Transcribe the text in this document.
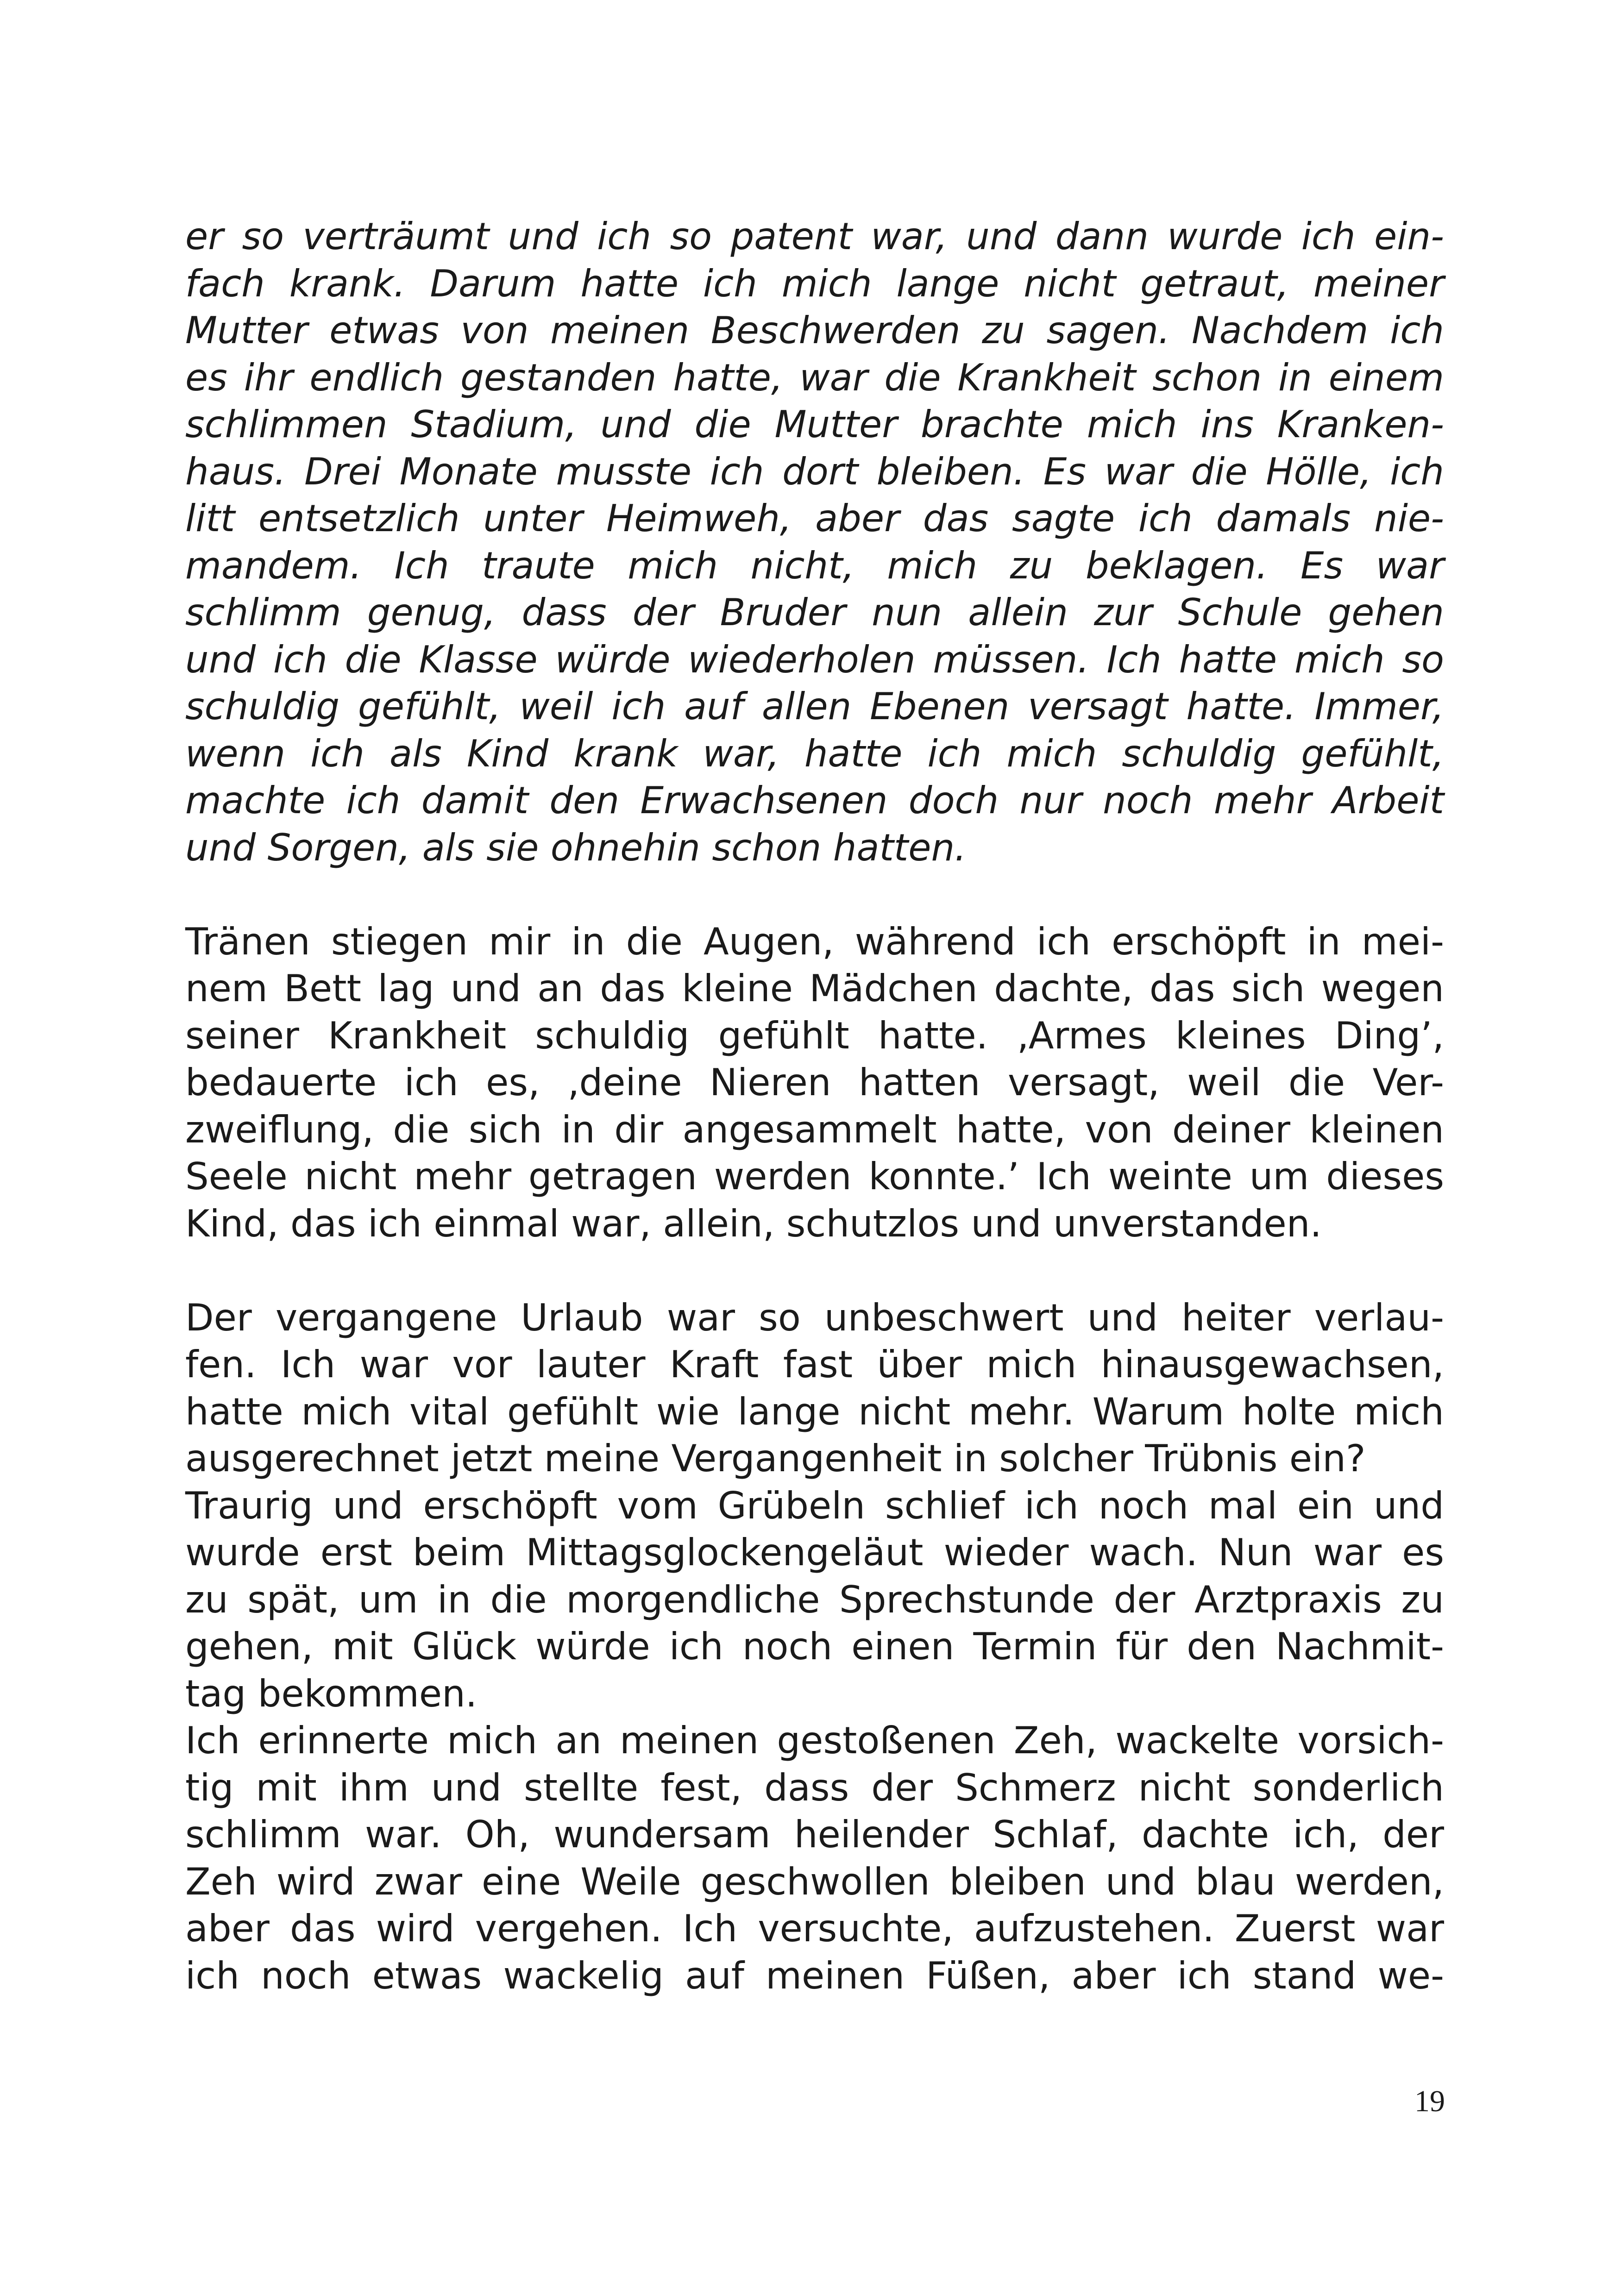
er so verträumt und ich so patent war, und dann wurde ich ein-
fach krank. Darum hatte ich mich lange nicht getraut, meiner
Mutter etwas von meinen Beschwerden zu sagen. Nachdem ich
es ihr endlich gestanden hatte, war die Krankheit schon in einem
schlimmen Stadium, und die Mutter brachte mich ins Kranken-
haus. Drei Monate musste ich dort bleiben. Es war die Hölle, ich
litt entsetzlich unter Heimweh, aber das sagte ich damals nie-
mandem. Ich traute mich nicht, mich zu beklagen. Es war
schlimm genug, dass der Bruder nun allein zur Schule gehen
und ich die Klasse würde wiederholen müssen. Ich hatte mich so
schuldig gefühlt, weil ich auf allen Ebenen versagt hatte. Immer,
wenn ich als Kind krank war, hatte ich mich schuldig gefühlt,
machte ich damit den Erwachsenen doch nur noch mehr Arbeit
und Sorgen, als sie ohnehin schon hatten.
Tränen stiegen mir in die Augen, während ich erschöpft in mei-
nem Bett lag und an das kleine Mädchen dachte, das sich wegen
seiner Krankheit schuldig gefühlt hatte. ‚Armes kleines Ding’,
bedauerte ich es, ‚deine Nieren hatten versagt, weil die Ver-
zweiflung, die sich in dir angesammelt hatte, von deiner kleinen
Seele nicht mehr getragen werden konnte.’ Ich weinte um dieses
Kind, das ich einmal war, allein, schutzlos und unverstanden.
Der vergangene Urlaub war so unbeschwert und heiter verlau-
fen. Ich war vor lauter Kraft fast über mich hinausgewachsen,
hatte mich vital gefühlt wie lange nicht mehr. Warum holte mich
ausgerechnet jetzt meine Vergangenheit in solcher Trübnis ein?
Traurig und erschöpft vom Grübeln schlief ich noch mal ein und
wurde erst beim Mittagsglockengeläut wieder wach. Nun war es
zu spät, um in die morgendliche Sprechstunde der Arztpraxis zu
gehen, mit Glück würde ich noch einen Termin für den Nachmit-
tag bekommen.
Ich erinnerte mich an meinen gestoßenen Zeh, wackelte vorsich-
tig mit ihm und stellte fest, dass der Schmerz nicht sonderlich
schlimm war. Oh, wundersam heilender Schlaf, dachte ich, der
Zeh wird zwar eine Weile geschwollen bleiben und blau werden,
aber das wird vergehen. Ich versuchte, aufzustehen. Zuerst war
ich noch etwas wackelig auf meinen Füßen, aber ich stand we-
19
